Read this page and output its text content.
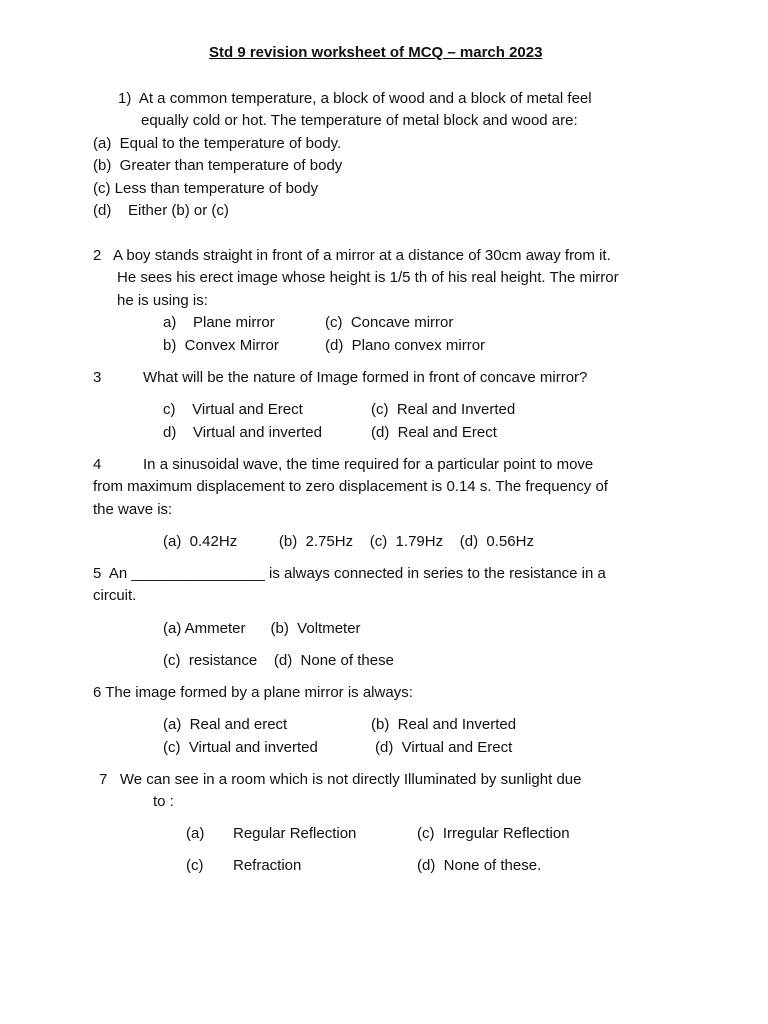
Std 9 revision worksheet of MCQ – march 2023
1)  At a common temperature, a block of wood and a block of metal feel
equally cold or hot. The temperature of metal block and wood are:
(a)  Equal to the temperature of body.
(b)  Greater than temperature of body
(c) Less than temperature of body
(d)    Either (b) or (c)
2   A boy stands straight in front of a mirror at a distance of 30cm away from it.
He sees his erect image whose height is 1/5 th of his real height. The mirror
he is using is:
a)    Plane mirror	(c)  Concave mirror
b)  Convex Mirror	(d)  Plano convex mirror
3          What will be the nature of Image formed in front of concave mirror?
c)    Virtual and Erect	(c)  Real and Inverted
d)    Virtual and inverted	(d)  Real and Erect
4          In a sinusoidal wave, the time required for a particular point to move
from maximum displacement to zero displacement is 0.14 s. The frequency of
the wave is:
(a)  0.42Hz          (b)  2.75Hz    (c)  1.79Hz    (d)  0.56Hz
5  An ________________ is always connected in series to the resistance in a
circuit.
(a) Ammeter      (b)  Voltmeter
(c)  resistance    (d)  None of these
6 The image formed by a plane mirror is always:
(a)  Real and erect	(b)  Real and Inverted
(c)  Virtual and inverted	(d)  Virtual and Erect
7   We can see in a room which is not directly Illuminated by sunlight due
to :
(a) Regular Reflection	(c)  Irregular Reflection
(c) Refraction	(d)  None of these.
